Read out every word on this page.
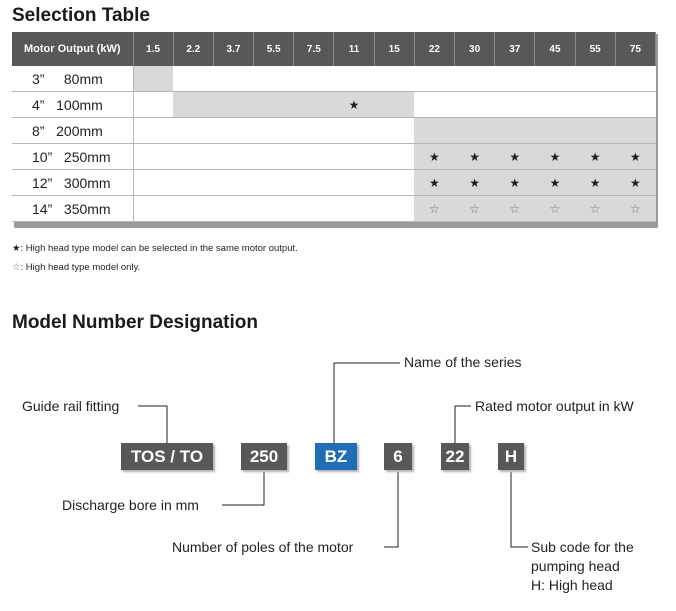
Selection Table
Motor Output (kW)	1.5	2.2	3.7	5.5	7.5	11	15	22	30	37	45	55	75
3”     80mm													
4”   100mm						★							
8”   200mm													
10”   250mm								★	★	★	★	★	★
12”   300mm								★	★	★	★	★	★
14”   350mm								☆	☆	☆	☆	☆	☆
★: High head type model can be selected in the same motor output.
☆: High head type model only.
Model Number Designation
Name of the series
Guide rail fitting	Rated motor output in kW
Discharge bore in mm
Number of poles of the motor	Sub code for the
pumping head
H: High head
TOS / TO	250	BZ	6	22	H
